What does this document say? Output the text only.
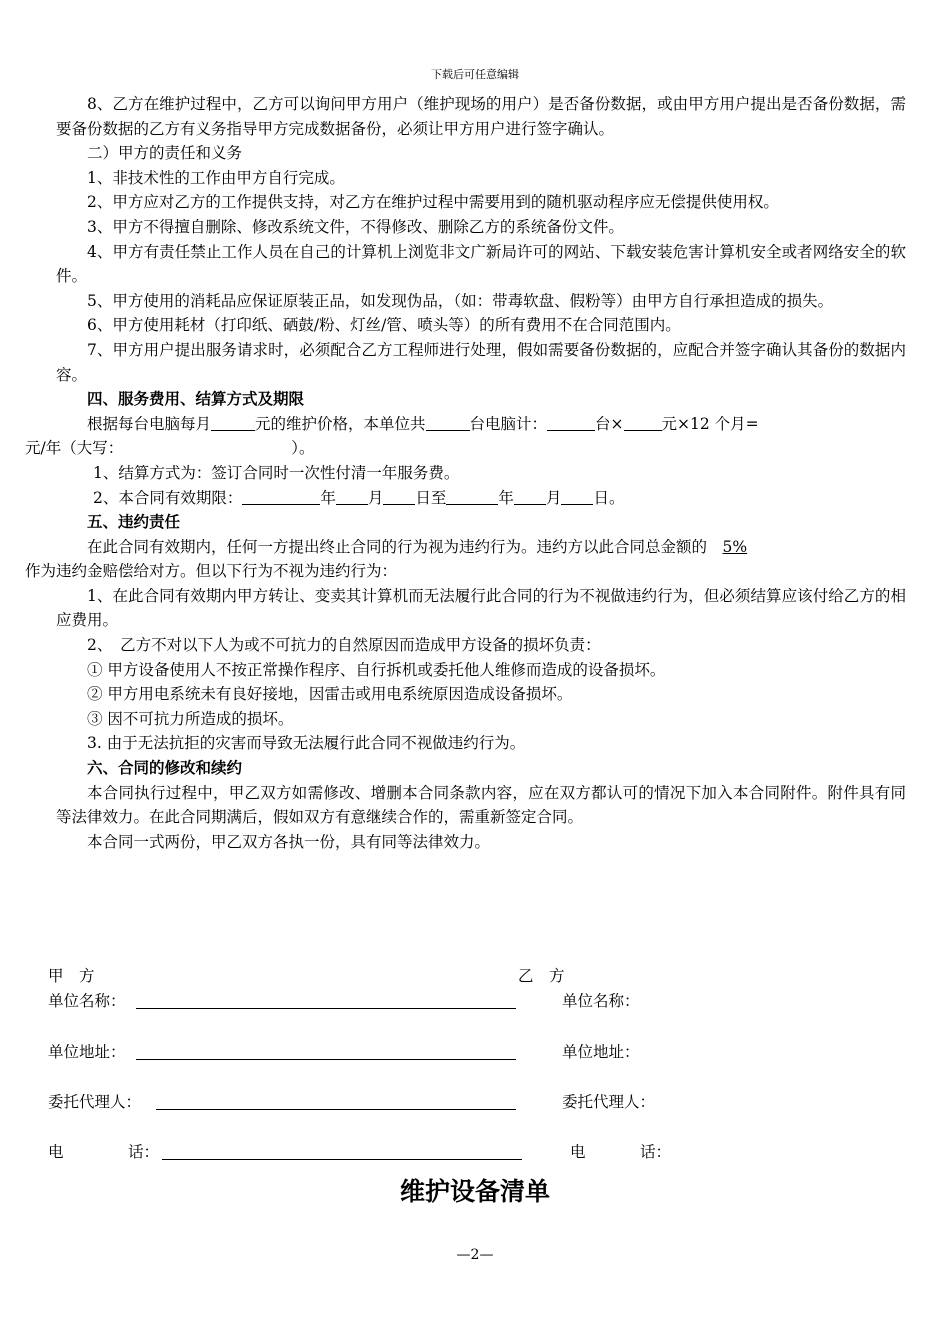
下载后可任意编辑

8、乙方在维护过程中，乙方可以询问甲方用户（维护现场的用户）是否备份数据，或由甲方用户提出是否备份数据，需要备份数据的乙方有义务指导甲方完成数据备份，必须让甲方用户进行签字确认。

二）甲方的责任和义务

1、非技术性的工作由甲方自行完成。

2、甲方应对乙方的工作提供支持，对乙方在维护过程中需要用到的随机驱动程序应无偿提供使用权。

3、甲方不得擅自删除、修改系统文件，不得修改、删除乙方的系统备份文件。

4、甲方有责任禁止工作人员在自己的计算机上浏览非文广新局许可的网站、下载安装危害计算机安全或者网络安全的软件。

5、甲方使用的消耗品应保证原装正品，如发现伪品，（如：带毒软盘、假粉等）由甲方自行承担造成的损失。

6、甲方使用耗材（打印纸、硒鼓/粉、灯丝/管、喷头等）的所有费用不在合同范围内。

7、甲方用户提出服务请求时，必须配合乙方工程师进行处理，假如需要备份数据的，应配合并签字确认其备份的数据内容。

四、服务费用、结算方式及期限

根据每台电脑每月	元的维护价格，本单位共	台电脑计：	台× 元×12 个月=
元/年（大写：	）。

1、结算方式为：签订合同时一次性付清一年服务费。

2、本合同有效期限：	年 月 日至	年 月 日。

五、违约责任

在此合同有效期内，任何一方提出终止合同的行为视为违约行为。违约方以此合同总金额的　 5%
作为违约金赔偿给对方。但以下行为不视为违约行为：

1、在此合同有效期内甲方转让、变卖其计算机而无法履行此合同的行为不视做违约行为，但必须结算应该付给乙方的相应费用。

2、　乙方不对以下人为或不可抗力的自然原因而造成甲方设备的损坏负责：

① 甲方设备使用人不按正常操作程序、自行拆机或委托他人维修而造成的设备损坏。

② 甲方用电系统未有良好接地，因雷击或用电系统原因造成设备损坏。

③ 因不可抗力所造成的损坏。

3. 由于无法抗拒的灾害而导致无法履行此合同不视做违约行为。

六、合同的修改和续约

本合同执行过程中，甲乙双方如需修改、增删本合同条款内容，应在双方都认可的情况下加入本合同附件。附件具有同等法律效力。在此合同期满后，假如双方有意继续合作的，需重新签定合同。

本合同一式两份，甲乙双方各执一份，具有同等法律效力。

甲　方	乙　方
单位名称：	单位名称：
单位地址：	单位地址：
委托代理人：	委托代理人：
电	话：	电	话：
维护设备清单
—2—
